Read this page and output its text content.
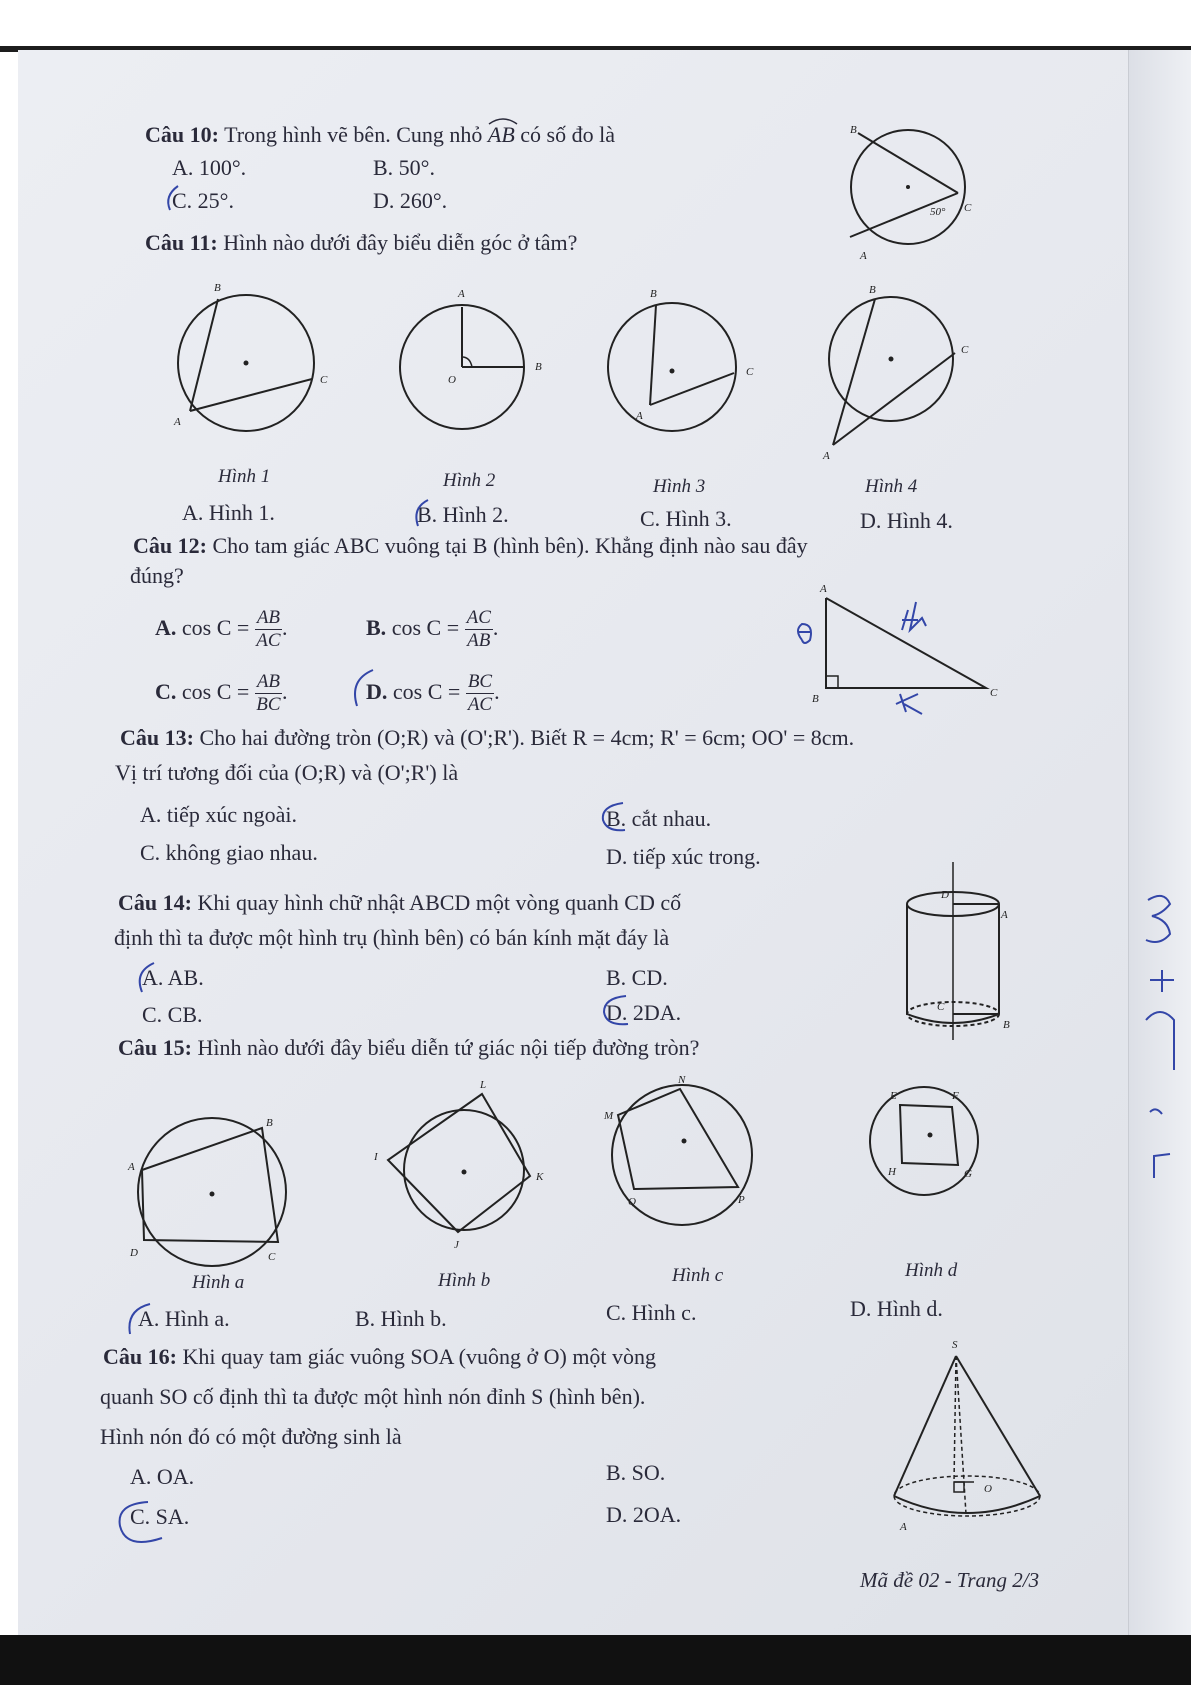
Câu 10: Trong hình vẽ bên. Cung nhỏ AB có số đo là
A. 100°.	B. 50°.
C. 25°.	D. 260°.
B
C
A
50°
Câu 11: Hình nào dưới đây biểu diễn góc ở tâm?
B
C
A
A
B
O
B
C
A
B
C
A
Hình 1	Hình 2	Hình 3	Hình 4
A. Hình 1.	B. Hình 2.	C. Hình 3.	D. Hình 4.
Câu 12: Cho tam giác ABC vuông tại B (hình bên). Khẳng định nào sau đây
đúng?
A. $\cos C = \frac{AB}{AC}$ .	B. $\cos C = \frac{AC}{AB}$ .
C. $\cos C = \frac{AB}{BC}$ .	D. $\cos C = \frac{BC}{AC}$ .
A
B	C
Câu 13: Cho hai đường tròn (O;R) và (O';R'). Biết R = 4cm; R' = 6cm; OO' = 8cm.
Vị trí tương đối của (O;R) và (O';R') là
A. tiếp xúc ngoài.	B. cắt nhau.
C. không giao nhau.	D. tiếp xúc trong.
Câu 14: Khi quay hình chữ nhật ABCD một vòng quanh CD cố
định thì ta được một hình trụ (hình bên) có bán kính mặt đáy là
A. AB.	B. CD.
C. CB.	D. 2DA.
D
A
C
B
Câu 15: Hình nào dưới đây biểu diễn tứ giác nội tiếp đường tròn?
A
B
C
D
L
I
K
J
M
N
Q	P
E	F
H	G
Hình a	Hình b	Hình c	Hình d
A. Hình a.	B. Hình b.	C. Hình c.	D. Hình d.
Câu 16: Khi quay tam giác vuông SOA (vuông ở O) một vòng
quanh SO cố định thì ta được một hình nón đỉnh S (hình bên).
Hình nón đó có một đường sinh là
A. OA.	B. SO.
C. SA.	D. 2OA.
S
O
A
Mã đề 02 - Trang 2/3
